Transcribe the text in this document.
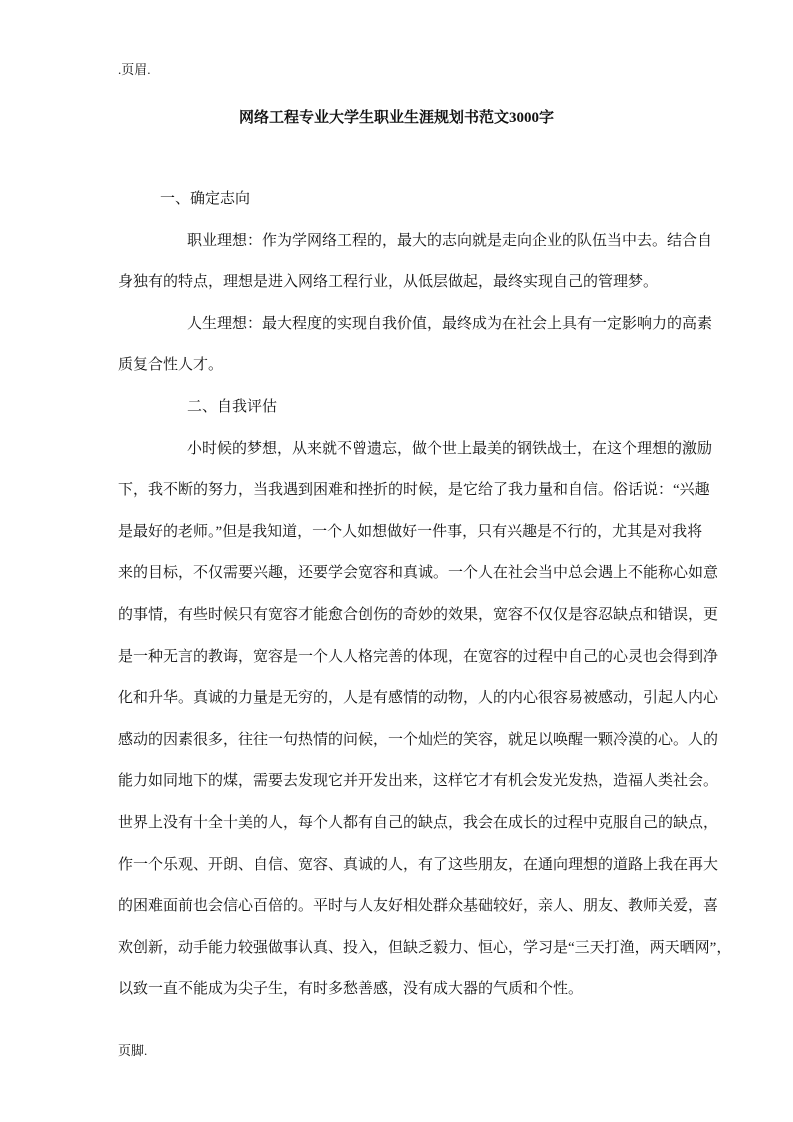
.页眉.
网络工程专业大学生职业生涯规划书范文3000字
一、确定志向
职业理想：作为学网络工程的，最大的志向就是走向企业的队伍当中去。结合自
身独有的特点，理想是进入网络工程行业，从低层做起，最终实现自己的管理梦。
人生理想：最大程度的实现自我价值，最终成为在社会上具有一定影响力的高素
质复合性人才。
二、自我评估
小时候的梦想，从来就不曾遗忘，做个世上最美的钢铁战士，在这个理想的激励
下，我不断的努力，当我遇到困难和挫折的时候，是它给了我力量和自信。俗话说：“兴趣
是最好的老师。”但是我知道，一个人如想做好一件事，只有兴趣是不行的，尤其是对我将
来的目标，不仅需要兴趣，还要学会宽容和真诚。一个人在社会当中总会遇上不能称心如意
的事情，有些时候只有宽容才能愈合创伤的奇妙的效果，宽容不仅仅是容忍缺点和错误，更
是一种无言的教诲，宽容是一个人人格完善的体现，在宽容的过程中自己的心灵也会得到净
化和升华。真诚的力量是无穷的，人是有感情的动物，人的内心很容易被感动，引起人内心
感动的因素很多，往往一句热情的问候，一个灿烂的笑容，就足以唤醒一颗冷漠的心。人的
能力如同地下的煤，需要去发现它并开发出来，这样它才有机会发光发热，造福人类社会。
世界上没有十全十美的人，每个人都有自己的缺点，我会在成长的过程中克服自己的缺点，
作一个乐观、开朗、自信、宽容、真诚的人，有了这些朋友，在通向理想的道路上我在再大
的困难面前也会信心百倍的。平时与人友好相处群众基础较好，亲人、朋友、教师关爱，喜
欢创新，动手能力较强做事认真、投入，但缺乏毅力、恒心，学习是“三天打渔，两天晒网”，
以致一直不能成为尖子生，有时多愁善感，没有成大器的气质和个性。
页脚.
